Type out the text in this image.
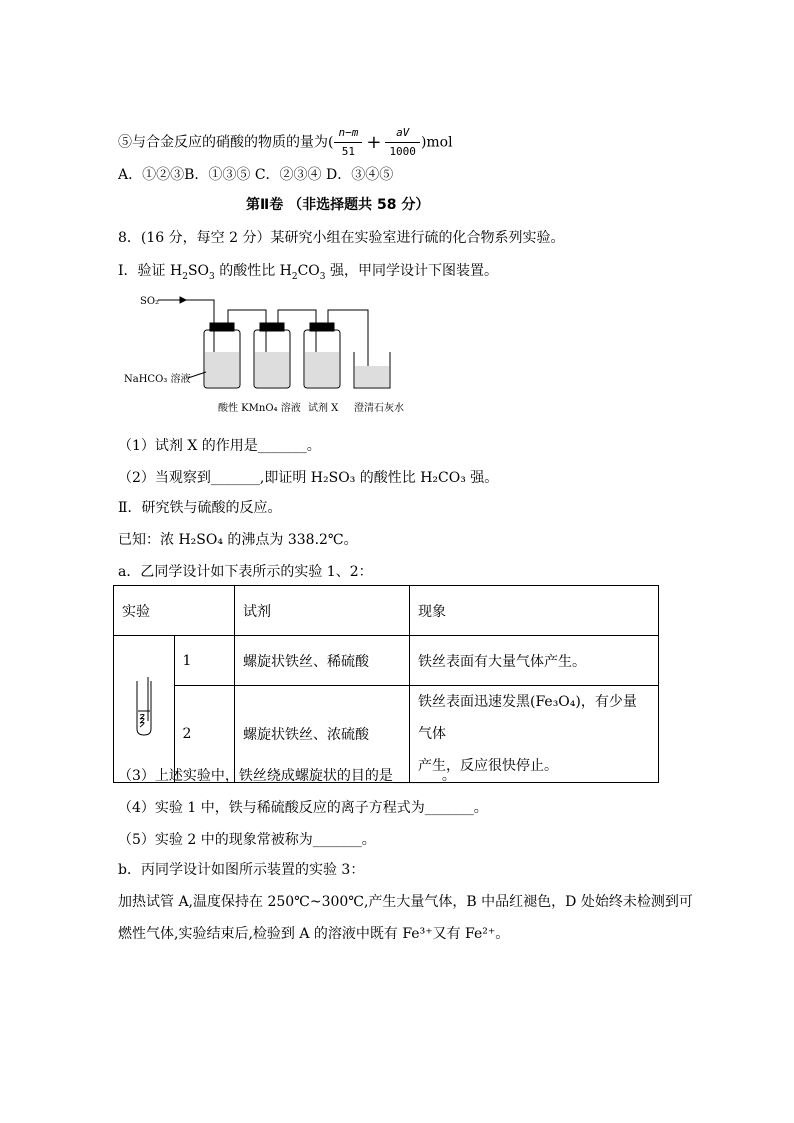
⑤与合金反应的硝酸的物质的量为( $\frac{n-m}{51} + \frac{aV}{1000} )mol$
A．①②③B．①③⑤ C．②③④ D．③④⑤
第Ⅱ卷 （非选择题共 58 分）
8．(16 分，每空 2 分）某研究小组在实验室进行硫的化合物系列实验。
Ⅰ．验证 $H_2SO_3$ 的酸性比 $H_2CO_3$ 强，甲同学设计下图装置。
SO₂
NaHCO₃ 溶液
酸性 KMnO₄ 溶液 试剂 X 澄清石灰水
（1）试剂 X 的作用是_______。
（2）当观察到_______,即证明 H₂SO₃ 的酸性比 H₂CO₃ 强。
Ⅱ．研究铁与硫酸的反应。
已知：浓 H₂SO₄ 的沸点为 338.2℃。
a．乙同学设计如下表所示的实验 1、2：
实验		试剂	现象
	1	螺旋状铁丝、稀硫酸	铁丝表面有大量气体产生。
	2	螺旋状铁丝、浓硫酸	铁丝表面迅速发黑(Fe₃O₄)，有少量气体
产生，反应很快停止。
（3）上述实验中，铁丝绕成螺旋状的目的是_______。
（4）实验 1 中，铁与稀硫酸反应的离子方程式为_______。
（5）实验 2 中的现象常被称为_______。
b．丙同学设计如图所示装置的实验 3：
加热试管 A,温度保持在 250℃~300℃,产生大量气体，B 中品红褪色，D 处始终未检测到可
燃性气体,实验结束后,检验到 A 的溶液中既有 Fe³⁺又有 Fe²⁺。
